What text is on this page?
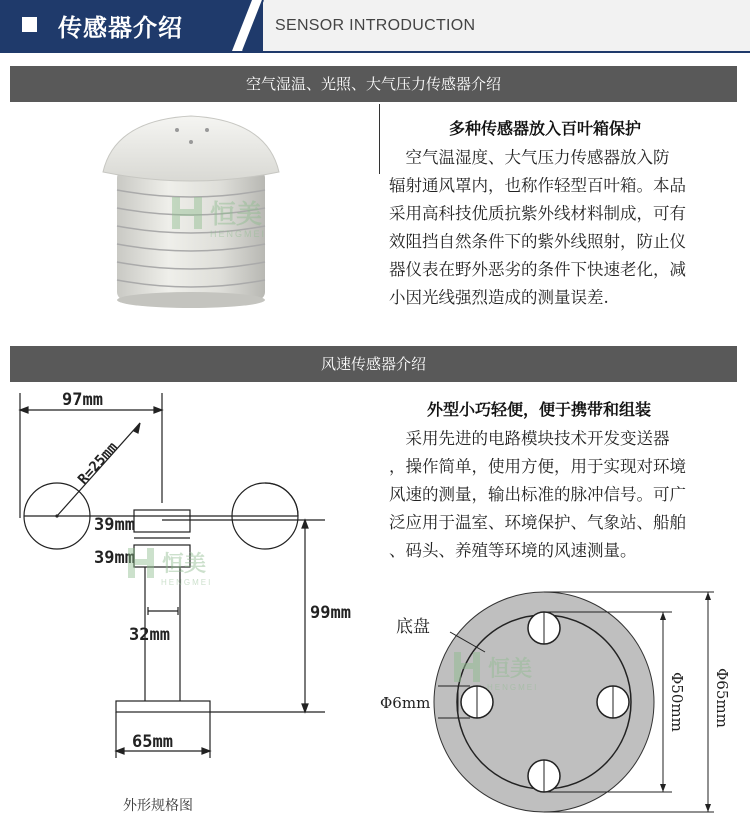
传感器介绍	SENSOR INTRODUCTION
空气湿温、光照、大气压力传感器介绍
恒美
HENGMEI
多种传感器放入百叶箱保护

　空气温湿度、大气压力传感器放入防

辐射通风罩内，也称作轻型百叶箱。本品

采用高科技优质抗紫外线材料制成，可有

效阻挡自然条件下的紫外线照射，防止仪

器仪表在野外恶劣的条件下快速老化，减

小因光线强烈造成的测量误差.

风速传感器介绍
外型小巧轻便，便于携带和组装

　采用先进的电路模块技术开发变送器

，操作简单，使用方便，用于实现对环境

风速的测量，输出标准的脉冲信号。可广

泛应用于温室、环境保护、气象站、船舶

、码头、养殖等环境的风速测量。

97mm
R=25mm
39mm
39mm
99mm
32mm
65mm
外形规格图
恒美
HENGMEI
底盘
Φ6mm	Φ50mm Φ65mm
恒美
HENGMEI
